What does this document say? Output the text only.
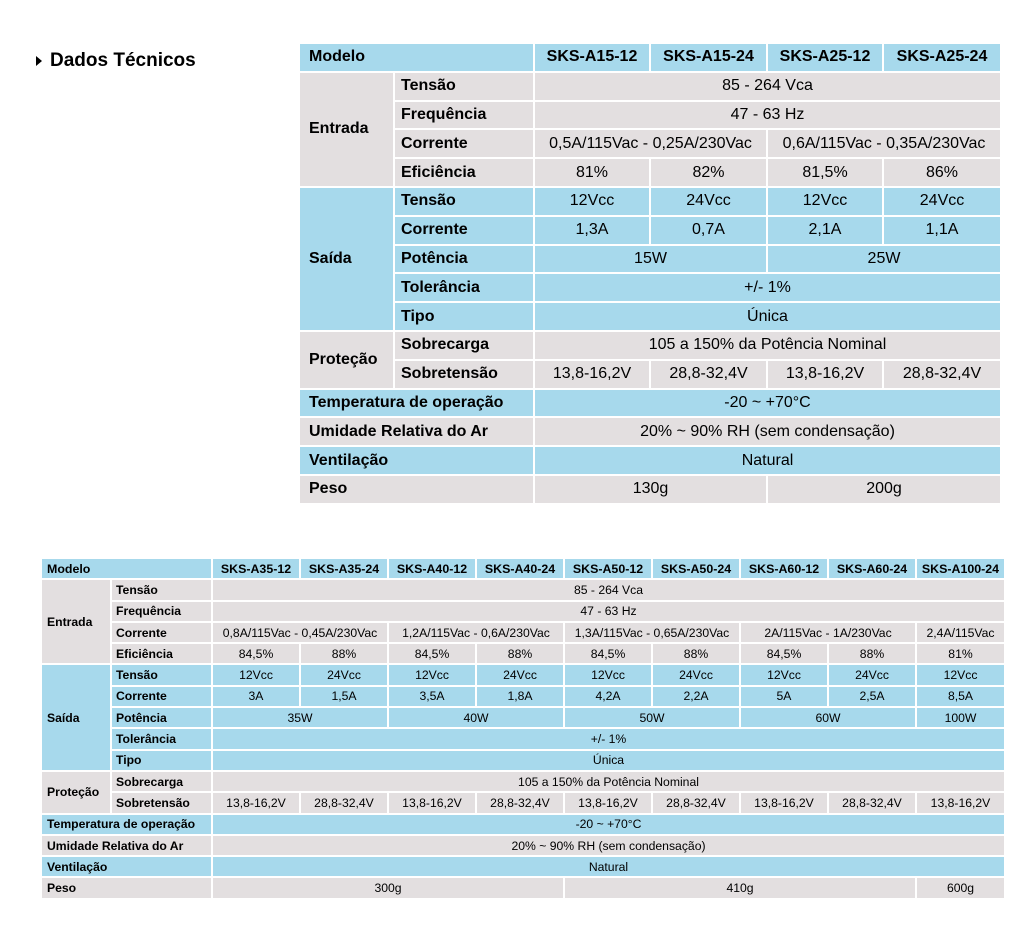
Dados Técnicos	Modelo		SKS-A15-12	SKS-A15-24	SKS-A25-12	SKS-A25-24
Entrada	Tensão	85 - 264 Vca			
	Frequência	47 - 63 Hz			
	Corrente	0,5A/115Vac - 0,25A/230Vac		0,6A/115Vac - 0,35A/230Vac	
	Eficiência	81%	82%	81,5%	86%
Saída	Tensão	12Vcc	24Vcc	12Vcc	24Vcc
	Corrente	1,3A	0,7A	2,1A	1,1A
	Potência	15W		25W	
	Tolerância	+/- 1%			
	Tipo	Única			
Proteção	Sobrecarga	105 a 150% da Potência Nominal			
	Sobretensão	13,8-16,2V	28,8-32,4V	13,8-16,2V	28,8-32,4V
Temperatura de operação		-20 ~ +70°C			
Umidade Relativa do Ar		20% ~ 90% RH (sem condensação)			
Ventilação		Natural			
Peso		130g		200g	
Modelo		SKS-A35-12	SKS-A35-24	SKS-A40-12	SKS-A40-24	SKS-A50-12	SKS-A50-24	SKS-A60-12	SKS-A60-24	SKS-A100-24
Entrada	Tensão	85 - 264 Vca								
	Frequência	47 - 63 Hz								
	Corrente	0,8A/115Vac - 0,45A/230Vac		1,2A/115Vac - 0,6A/230Vac		1,3A/115Vac - 0,65A/230Vac		2A/115Vac - 1A/230Vac		2,4A/115Vac
	Eficiência	84,5%	88%	84,5%	88%	84,5%	88%	84,5%	88%	81%
Saída	Tensão	12Vcc	24Vcc	12Vcc	24Vcc	12Vcc	24Vcc	12Vcc	24Vcc	12Vcc
	Corrente	3A	1,5A	3,5A	1,8A	4,2A	2,2A	5A	2,5A	8,5A
	Potência	35W		40W		50W		60W		100W
	Tolerância	+/- 1%								
	Tipo	Única								
Proteção	Sobrecarga	105 a 150% da Potência Nominal								
	Sobretensão	13,8-16,2V	28,8-32,4V	13,8-16,2V	28,8-32,4V	13,8-16,2V	28,8-32,4V	13,8-16,2V	28,8-32,4V	13,8-16,2V
Temperatura de operação		-20 ~ +70°C								
Umidade Relativa do Ar		20% ~ 90% RH (sem condensação)								
Ventilação		Natural								
Peso		300g				410g				600g
